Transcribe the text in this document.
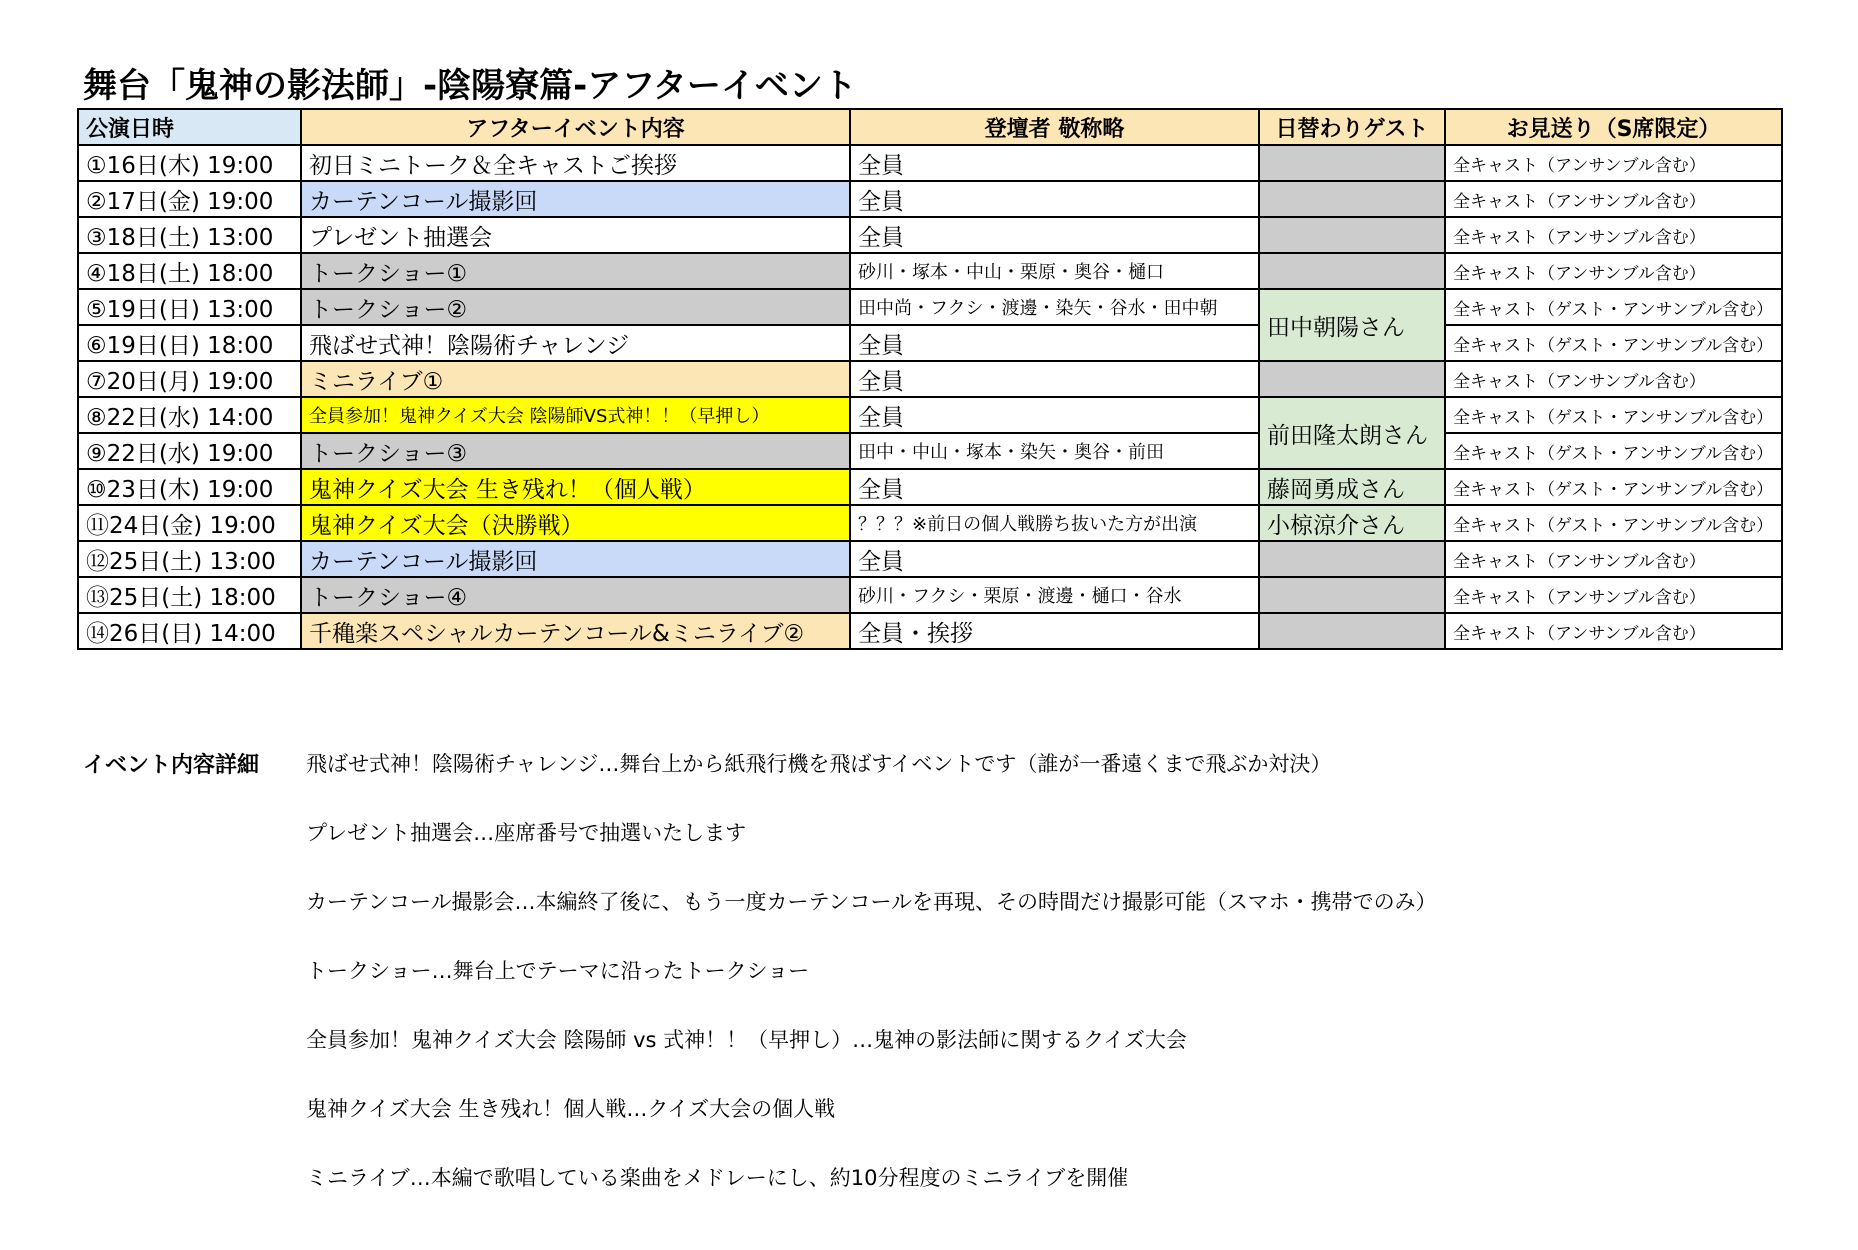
舞台「鬼神の影法師」-陰陽寮篇-アフターイベント
公演日時	アフターイベント内容	登壇者 敬称略	日替わりゲスト	お見送り（S席限定）
①16日(木) 19:00	初日ミニトーク＆全キャストご挨拶	全員		全キャスト（アンサンブル含む）
②17日(金) 19:00	カーテンコール撮影回	全員		全キャスト（アンサンブル含む）
③18日(土) 13:00	プレゼント抽選会	全員		全キャスト（アンサンブル含む）
④18日(土) 18:00	トークショー①	砂川・塚本・中山・栗原・奥谷・樋口		全キャスト（アンサンブル含む）
⑤19日(日) 13:00	トークショー②	田中尚・フクシ・渡邊・染矢・谷水・田中朝	田中朝陽さん	全キャスト（ゲスト・アンサンブル含む）
⑥19日(日) 18:00	飛ばせ式神！陰陽術チャレンジ	全員		全キャスト（ゲスト・アンサンブル含む）
⑦20日(月) 19:00	ミニライブ①	全員		全キャスト（アンサンブル含む）
⑧22日(水) 14:00	全員参加！鬼神クイズ大会 陰陽師VS式神！！（早押し）	全員	前田隆太朗さん	全キャスト（ゲスト・アンサンブル含む）
⑨22日(水) 19:00	トークショー③	田中・中山・塚本・染矢・奥谷・前田		全キャスト（ゲスト・アンサンブル含む）
⑩23日(木) 19:00	鬼神クイズ大会 生き残れ！（個人戦）	全員	藤岡勇成さん	全キャスト（ゲスト・アンサンブル含む）
⑪24日(金) 19:00	鬼神クイズ大会（決勝戦）	？？？※前日の個人戦勝ち抜いた方が出演	小椋涼介さん	全キャスト（ゲスト・アンサンブル含む）
⑫25日(土) 13:00	カーテンコール撮影回	全員		全キャスト（アンサンブル含む）
⑬25日(土) 18:00	トークショー④	砂川・フクシ・栗原・渡邊・樋口・谷水		全キャスト（アンサンブル含む）
⑭26日(日) 14:00	千穐楽スペシャルカーテンコール&ミニライブ②	全員・挨拶		全キャスト（アンサンブル含む）
イベント内容詳細 飛ばせ式神！陰陽術チャレンジ…舞台上から紙飛行機を飛ばすイベントです（誰が一番遠くまで飛ぶか対決）
プレゼント抽選会…座席番号で抽選いたします
カーテンコール撮影会…本編終了後に、もう一度カーテンコールを再現、その時間だけ撮影可能（スマホ・携帯でのみ）
トークショー…舞台上でテーマに沿ったトークショー
全員参加！鬼神クイズ大会 陰陽師 vs 式神！！（早押し）…鬼神の影法師に関するクイズ大会
鬼神クイズ大会 生き残れ！個人戦…クイズ大会の個人戦
ミニライブ…本編で歌唱している楽曲をメドレーにし、約10分程度のミニライブを開催
